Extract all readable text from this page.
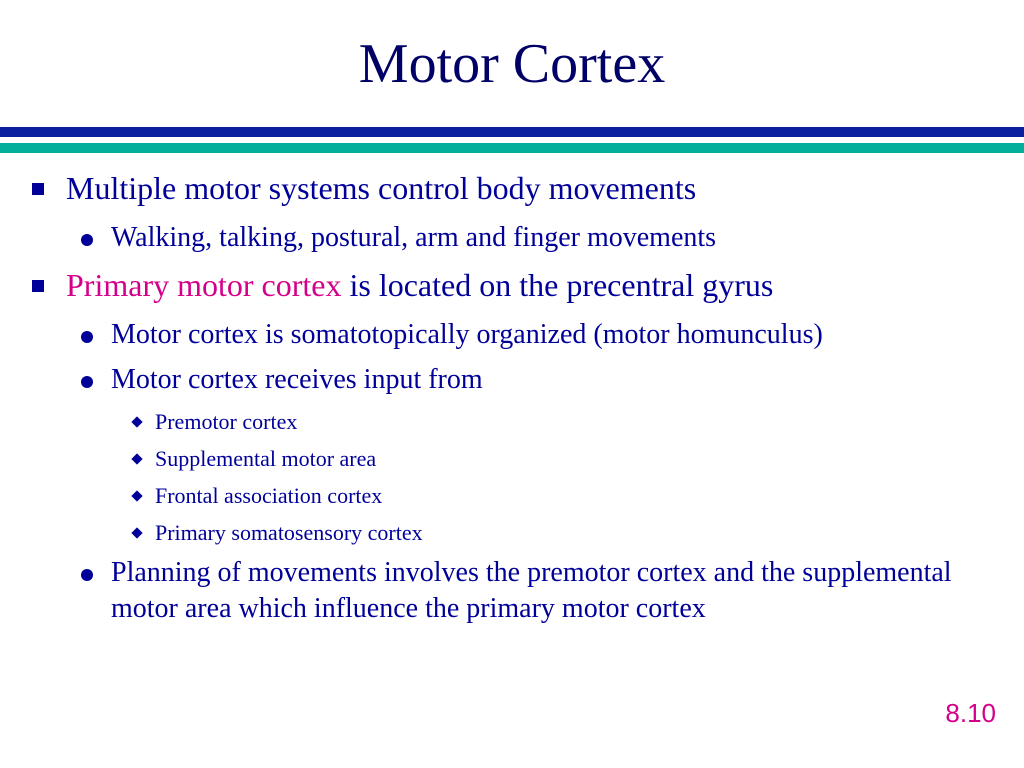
Motor Cortex
Multiple motor systems control body movements
Walking, talking, postural, arm and finger movements
Primary motor cortex is located on the precentral gyrus
Motor cortex is somatotopically organized (motor homunculus)
Motor cortex receives input from
Premotor cortex
Supplemental motor area
Frontal association cortex
Primary somatosensory cortex
Planning of movements involves the premotor cortex and the supplemental motor area which influence the primary motor cortex
8.10
